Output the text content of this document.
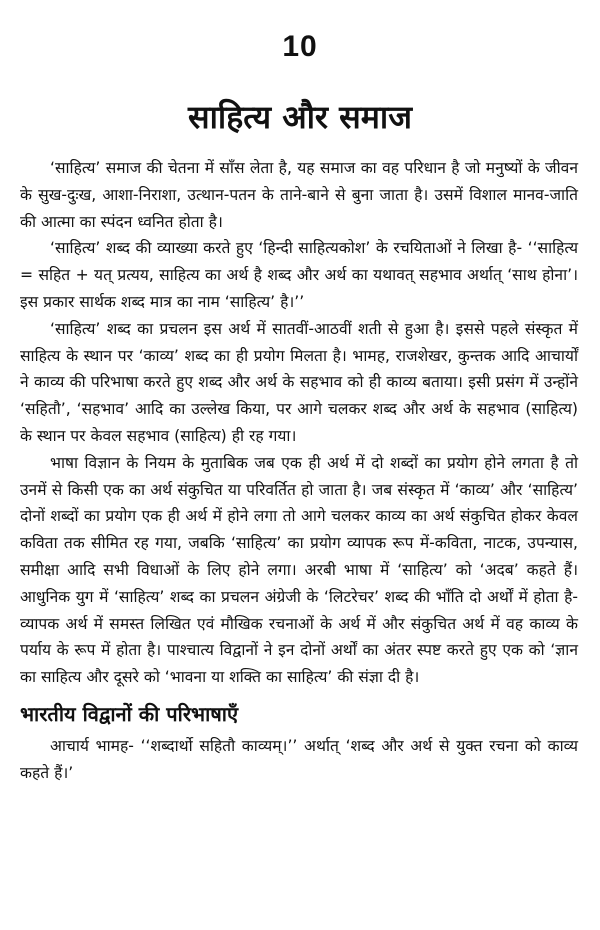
10
साहित्य और समाज

‘साहित्य’ समाज की चेतना में साँस लेता है, यह समाज का वह परिधान है जो मनुष्यों के जीवन के सुख-दुःख, आशा-निराशा, उत्थान-पतन के ताने-बाने से बुना जाता है। उसमें विशाल मानव-जाति की आत्मा का स्पंदन ध्वनित होता है।

‘साहित्य’ शब्द की व्याख्या करते हुए ‘हिन्दी साहित्यकोश’ के रचयिताओं ने लिखा है- ‘‘साहित्य = सहित + यत् प्रत्यय, साहित्य का अर्थ है शब्द और अर्थ का यथावत् सहभाव अर्थात् ‘साथ होना’। इस प्रकार सार्थक शब्द मात्र का नाम ‘साहित्य’ है।’’

‘साहित्य’ शब्द का प्रचलन इस अर्थ में सातवीं-आठवीं शती से हुआ है। इससे पहले संस्कृत में साहित्य के स्थान पर ‘काव्य’ शब्द का ही प्रयोग मिलता है। भामह, राजशेखर, कुन्तक आदि आचार्यों ने काव्य की परिभाषा करते हुए शब्द और अर्थ के सहभाव को ही काव्य बताया। इसी प्रसंग में उन्होंने ‘सहितौ’, ‘सहभाव’ आदि का उल्लेख किया, पर आगे चलकर शब्द और अर्थ के सहभाव (साहित्य) के स्थान पर केवल सहभाव (साहित्य) ही रह गया।

भाषा विज्ञान के नियम के मुताबिक जब एक ही अर्थ में दो शब्दों का प्रयोग होने लगता है तो उनमें से किसी एक का अर्थ संकुचित या परिवर्तित हो जाता है। जब संस्कृत में ‘काव्य’ और ‘साहित्य’ दोनों शब्दों का प्रयोग एक ही अर्थ में होने लगा तो आगे चलकर काव्य का अर्थ संकुचित होकर केवल कविता तक सीमित रह गया, जबकि ‘साहित्य’ का प्रयोग व्यापक रूप में-कविता, नाटक, उपन्यास, समीक्षा आदि सभी विधाओं के लिए होने लगा। अरबी भाषा में ‘साहित्य’ को ‘अदब’ कहते हैं। आधुनिक युग में ‘साहित्य’ शब्द का प्रचलन अंग्रेजी के ‘लिटरेचर’ शब्द की भाँति दो अर्थों में होता है-व्यापक अर्थ में समस्त लिखित एवं मौखिक रचनाओं के अर्थ में और संकुचित अर्थ में वह काव्य के पर्याय के रूप में होता है। पाश्चात्य विद्वानों ने इन दोनों अर्थों का अंतर स्पष्ट करते हुए एक को ‘ज्ञान का साहित्य और दूसरे को ‘भावना या शक्ति का साहित्य’ की संज्ञा दी है।

भारतीय विद्वानों की परिभाषाएँ

आचार्य भामह- ‘‘शब्दार्थो सहितौ काव्यम्।’’ अर्थात् ‘शब्द और अर्थ से युक्त रचना को काव्य कहते हैं।’
